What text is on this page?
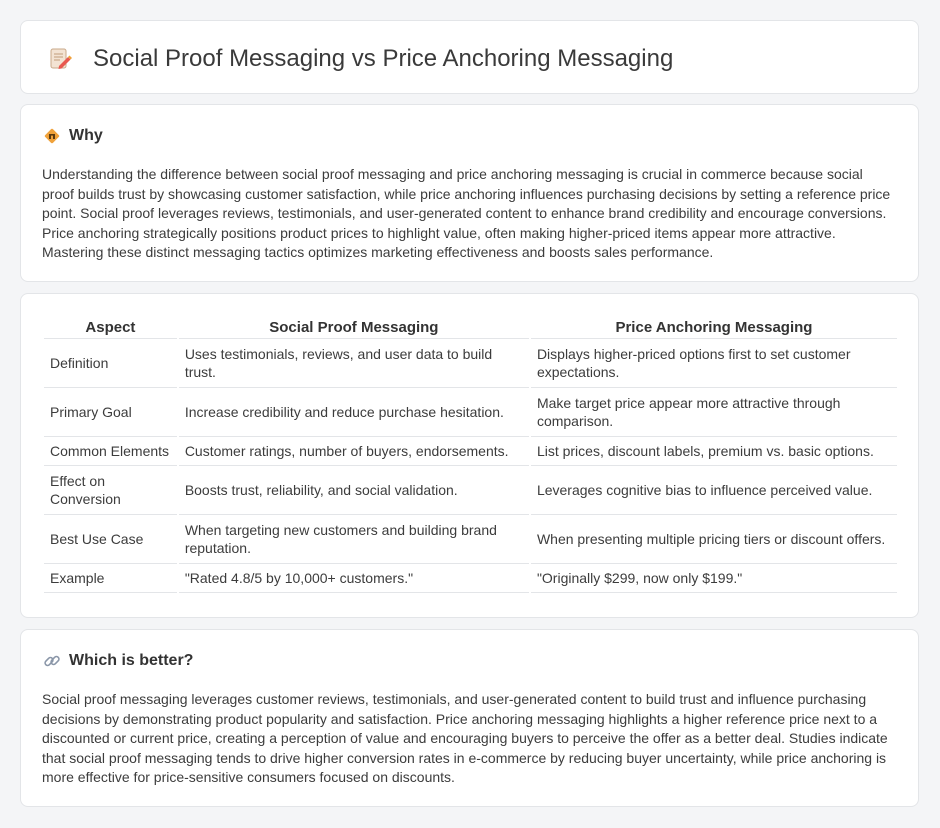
Social Proof Messaging vs Price Anchoring Messaging
Why

Understanding the difference between social proof messaging and price anchoring messaging is crucial in commerce because social proof builds trust by showcasing customer satisfaction, while price anchoring influences purchasing decisions by setting a reference price point. Social proof leverages reviews, testimonials, and user-generated content to enhance brand credibility and encourage conversions. Price anchoring strategically positions product prices to highlight value, often making higher-priced items appear more attractive. Mastering these distinct messaging tactics optimizes marketing effectiveness and boosts sales performance.

Aspect	Social Proof Messaging	Price Anchoring Messaging
Definition	Uses testimonials, reviews, and user data to build trust.	Displays higher-priced options first to set customer expectations.
Primary Goal	Increase credibility and reduce purchase hesitation.	Make target price appear more attractive through comparison.
Common Elements	Customer ratings, number of buyers, endorsements.	List prices, discount labels, premium vs. basic options.
Effect on Conversion	Boosts trust, reliability, and social validation.	Leverages cognitive bias to influence perceived value.
Best Use Case	When targeting new customers and building brand reputation.	When presenting multiple pricing tiers or discount offers.
Example	"Rated 4.8/5 by 10,000+ customers."	"Originally $299, now only $199."
Which is better?

Social proof messaging leverages customer reviews, testimonials, and user-generated content to build trust and influence purchasing decisions by demonstrating product popularity and satisfaction. Price anchoring messaging highlights a higher reference price next to a discounted or current price, creating a perception of value and encouraging buyers to perceive the offer as a better deal. Studies indicate that social proof messaging tends to drive higher conversion rates in e-commerce by reducing buyer uncertainty, while price anchoring is more effective for price-sensitive consumers focused on discounts.
